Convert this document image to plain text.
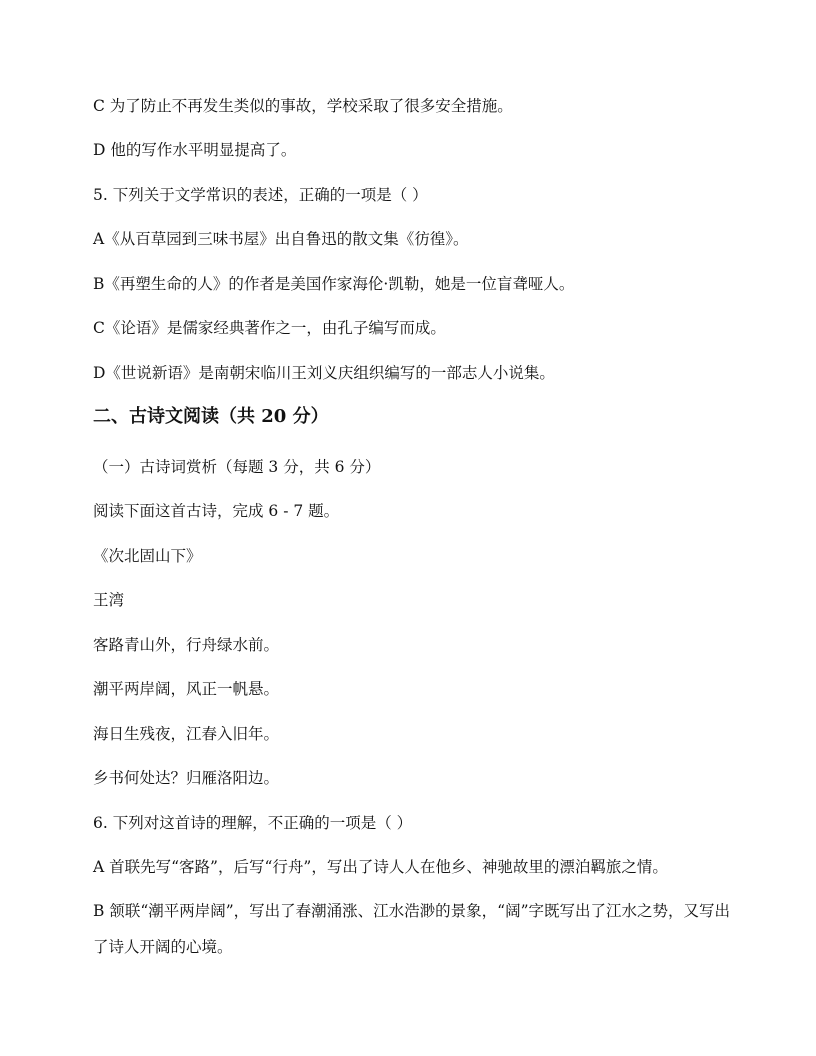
C 为了防止不再发生类似的事故，学校采取了很多安全措施。
D 他的写作水平明显提高了。
5. 下列关于文学常识的表述，正确的一项是（ ）
A《从百草园到三味书屋》出自鲁迅的散文集《彷徨》。
B《再塑生命的人》的作者是美国作家海伦·凯勒，她是一位盲聋哑人。
C《论语》是儒家经典著作之一，由孔子编写而成。
D《世说新语》是南朝宋临川王刘义庆组织编写的一部志人小说集。
二、古诗文阅读（共 20 分）
（一）古诗词赏析（每题 3 分，共 6 分）
阅读下面这首古诗，完成 6 - 7 题。
《次北固山下》
王湾
客路青山外，行舟绿水前。
潮平两岸阔，风正一帆悬。
海日生残夜，江春入旧年。
乡书何处达？归雁洛阳边。
6. 下列对这首诗的理解，不正确的一项是（ ）
A 首联先写“客路”，后写“行舟”，写出了诗人人在他乡、神驰故里的漂泊羁旅之情。
B 颔联“潮平两岸阔”，写出了春潮涌涨、江水浩渺的景象，“阔”字既写出了江水之势，又写出了诗人开阔的心境。
